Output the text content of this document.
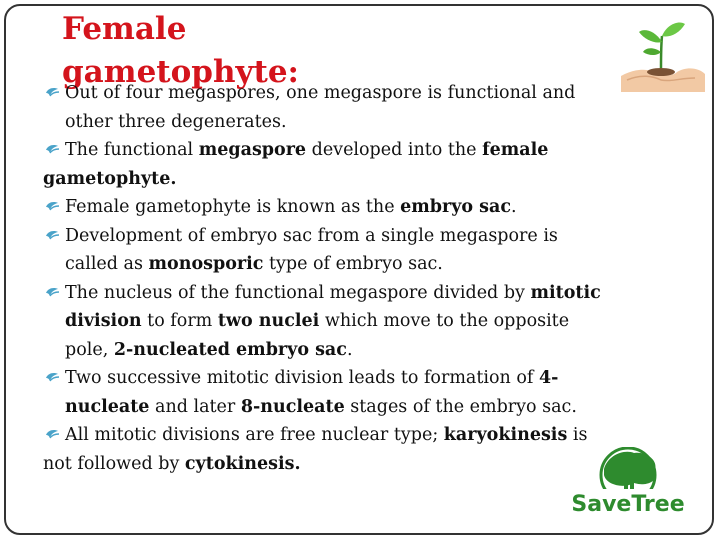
Female
gametophyte:
Out of four megaspores, one megaspore is functional and
other three degenerates.
The functional megaspore developed into the female
gametophyte.
Female gametophyte is known as the embryo sac.
Development of embryo sac from a single megaspore is
called as monosporic type of embryo sac.
The nucleus of the functional megaspore divided by mitotic
division to form two nuclei which move to the opposite
pole, 2-nucleated embryo sac.
Two successive mitotic division leads to formation of 4-
nucleate and later 8-nucleate stages of the embryo sac.
All mitotic divisions are free nuclear type; karyokinesis is
not followed by cytokinesis.
SaveTree
